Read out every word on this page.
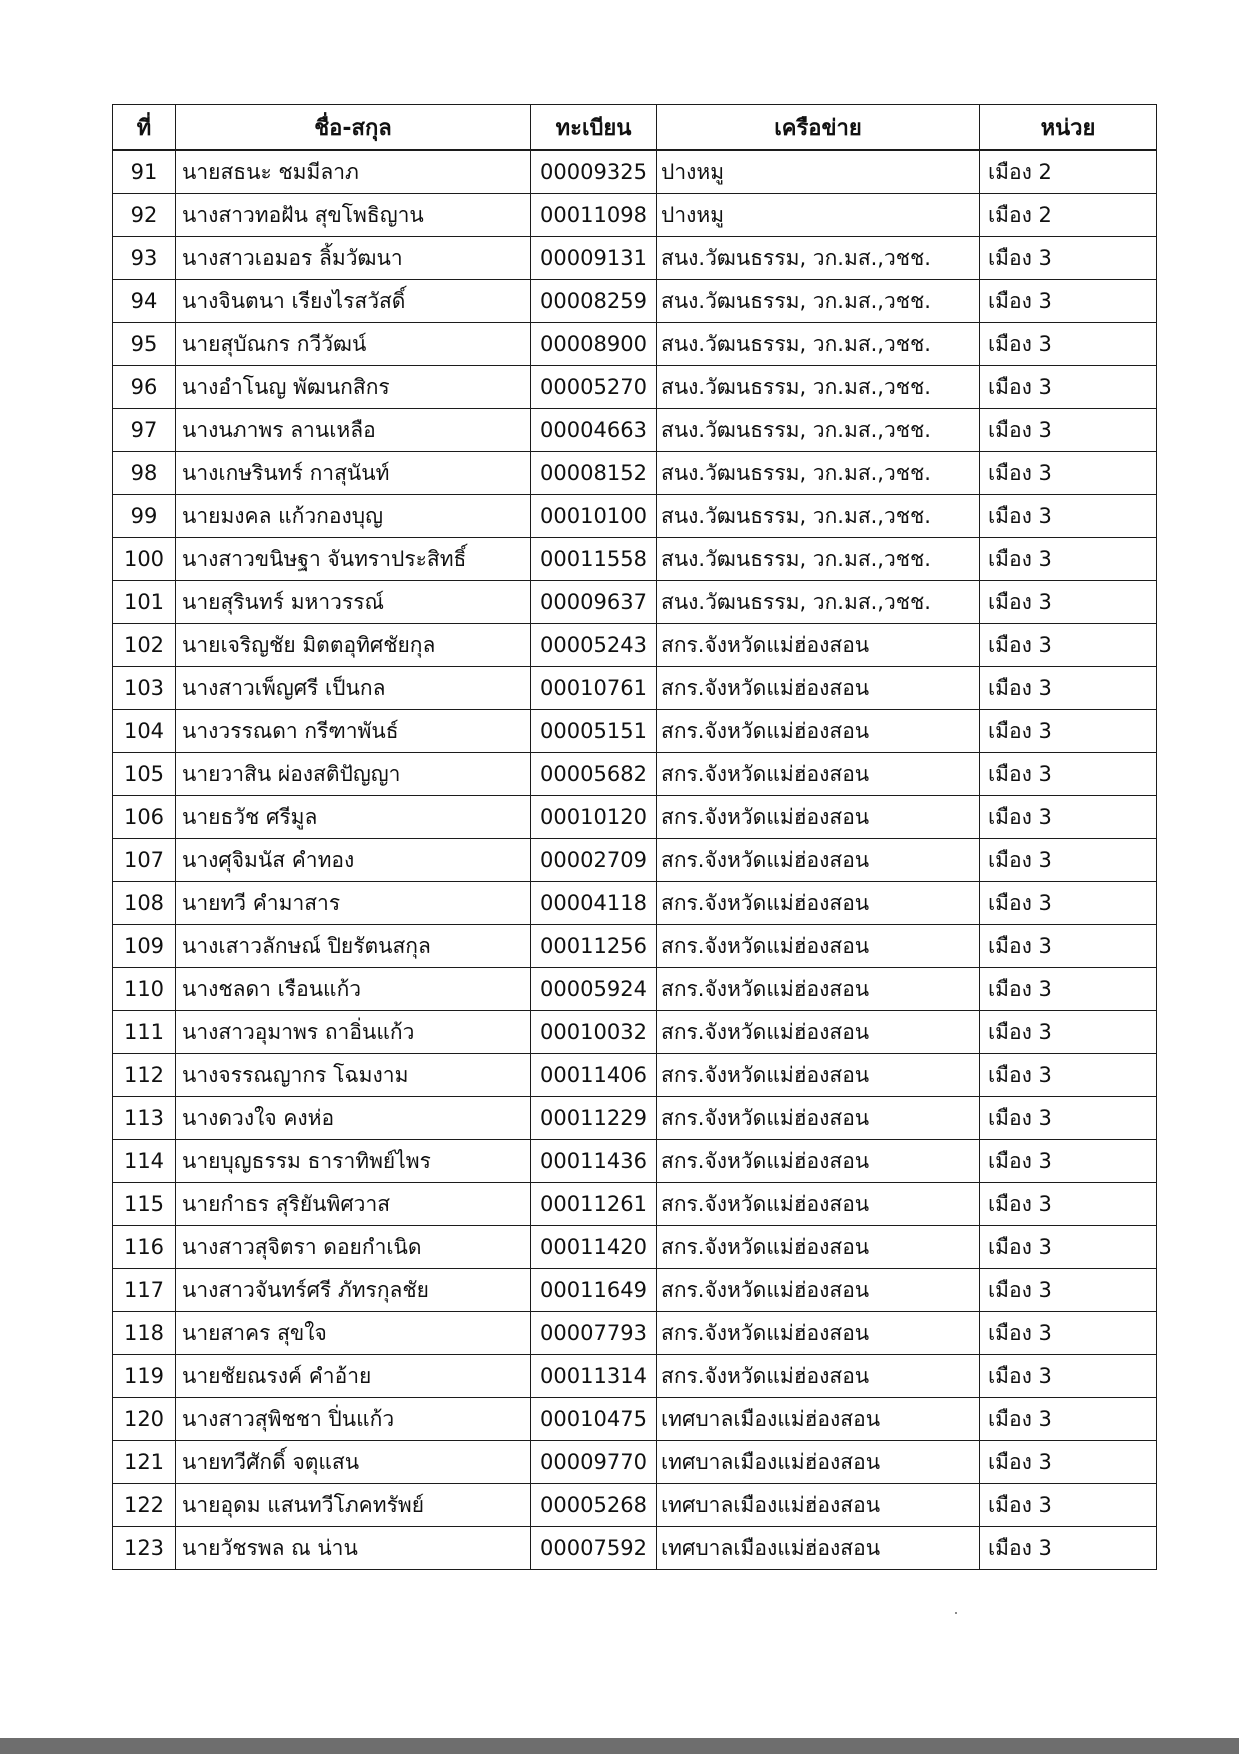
ที่	ชื่อ-สกุล	ทะเบียน	เครือข่าย	หน่วย
91	นายสธนะ ชมมีลาภ	00009325	ปางหมู	เมือง 2
92	นางสาวทอฝัน สุขโพธิญาน	00011098	ปางหมู	เมือง 2
93	นางสาวเอมอร ลิ้มวัฒนา	00009131	สนง.วัฒนธรรม, วก.มส.,วชช.	เมือง 3
94	นางจินตนา เรียงไรสวัสดิ์	00008259	สนง.วัฒนธรรม, วก.มส.,วชช.	เมือง 3
95	นายสุบัณกร กวีวัฒน์	00008900	สนง.วัฒนธรรม, วก.มส.,วชช.	เมือง 3
96	นางอำโนญ พัฒนกสิกร	00005270	สนง.วัฒนธรรม, วก.มส.,วชช.	เมือง 3
97	นางนภาพร ลานเหลือ	00004663	สนง.วัฒนธรรม, วก.มส.,วชช.	เมือง 3
98	นางเกษรินทร์ กาสุนันท์	00008152	สนง.วัฒนธรรม, วก.มส.,วชช.	เมือง 3
99	นายมงคล แก้วกองบุญ	00010100	สนง.วัฒนธรรม, วก.มส.,วชช.	เมือง 3
100	นางสาวขนิษฐา จันทราประสิทธิ์	00011558	สนง.วัฒนธรรม, วก.มส.,วชช.	เมือง 3
101	นายสุรินทร์ มหาวรรณ์	00009637	สนง.วัฒนธรรม, วก.มส.,วชช.	เมือง 3
102	นายเจริญชัย มิตตอุทิศชัยกุล	00005243	สกร.จังหวัดแม่ฮ่องสอน	เมือง 3
103	นางสาวเพ็ญศรี เป็นกล	00010761	สกร.จังหวัดแม่ฮ่องสอน	เมือง 3
104	นางวรรณดา กรีฑาพันธ์	00005151	สกร.จังหวัดแม่ฮ่องสอน	เมือง 3
105	นายวาสิน ผ่องสติปัญญา	00005682	สกร.จังหวัดแม่ฮ่องสอน	เมือง 3
106	นายธวัช ศรีมูล	00010120	สกร.จังหวัดแม่ฮ่องสอน	เมือง 3
107	นางศุจิมนัส คำทอง	00002709	สกร.จังหวัดแม่ฮ่องสอน	เมือง 3
108	นายทวี คำมาสาร	00004118	สกร.จังหวัดแม่ฮ่องสอน	เมือง 3
109	นางเสาวลักษณ์ ปิยรัตนสกุล	00011256	สกร.จังหวัดแม่ฮ่องสอน	เมือง 3
110	นางชลดา เรือนแก้ว	00005924	สกร.จังหวัดแม่ฮ่องสอน	เมือง 3
111	นางสาวอุมาพร ถาอิ่นแก้ว	00010032	สกร.จังหวัดแม่ฮ่องสอน	เมือง 3
112	นางจรรณญากร โฉมงาม	00011406	สกร.จังหวัดแม่ฮ่องสอน	เมือง 3
113	นางดวงใจ คงห่อ	00011229	สกร.จังหวัดแม่ฮ่องสอน	เมือง 3
114	นายบุญธรรม ธาราทิพย์ไพร	00011436	สกร.จังหวัดแม่ฮ่องสอน	เมือง 3
115	นายกำธร สุริยันพิศวาส	00011261	สกร.จังหวัดแม่ฮ่องสอน	เมือง 3
116	นางสาวสุจิตรา ดอยกำเนิด	00011420	สกร.จังหวัดแม่ฮ่องสอน	เมือง 3
117	นางสาวจันทร์ศรี ภัทรกุลชัย	00011649	สกร.จังหวัดแม่ฮ่องสอน	เมือง 3
118	นายสาคร สุขใจ	00007793	สกร.จังหวัดแม่ฮ่องสอน	เมือง 3
119	นายชัยณรงค์ คำอ้าย	00011314	สกร.จังหวัดแม่ฮ่องสอน	เมือง 3
120	นางสาวสุพิชชา ปิ่นแก้ว	00010475	เทศบาลเมืองแม่ฮ่องสอน	เมือง 3
121	นายทวีศักดิ์ จตุแสน	00009770	เทศบาลเมืองแม่ฮ่องสอน	เมือง 3
122	นายอุดม แสนทวีโภคทรัพย์	00005268	เทศบาลเมืองแม่ฮ่องสอน	เมือง 3
123	นายวัชรพล ณ น่าน	00007592	เทศบาลเมืองแม่ฮ่องสอน	เมือง 3
